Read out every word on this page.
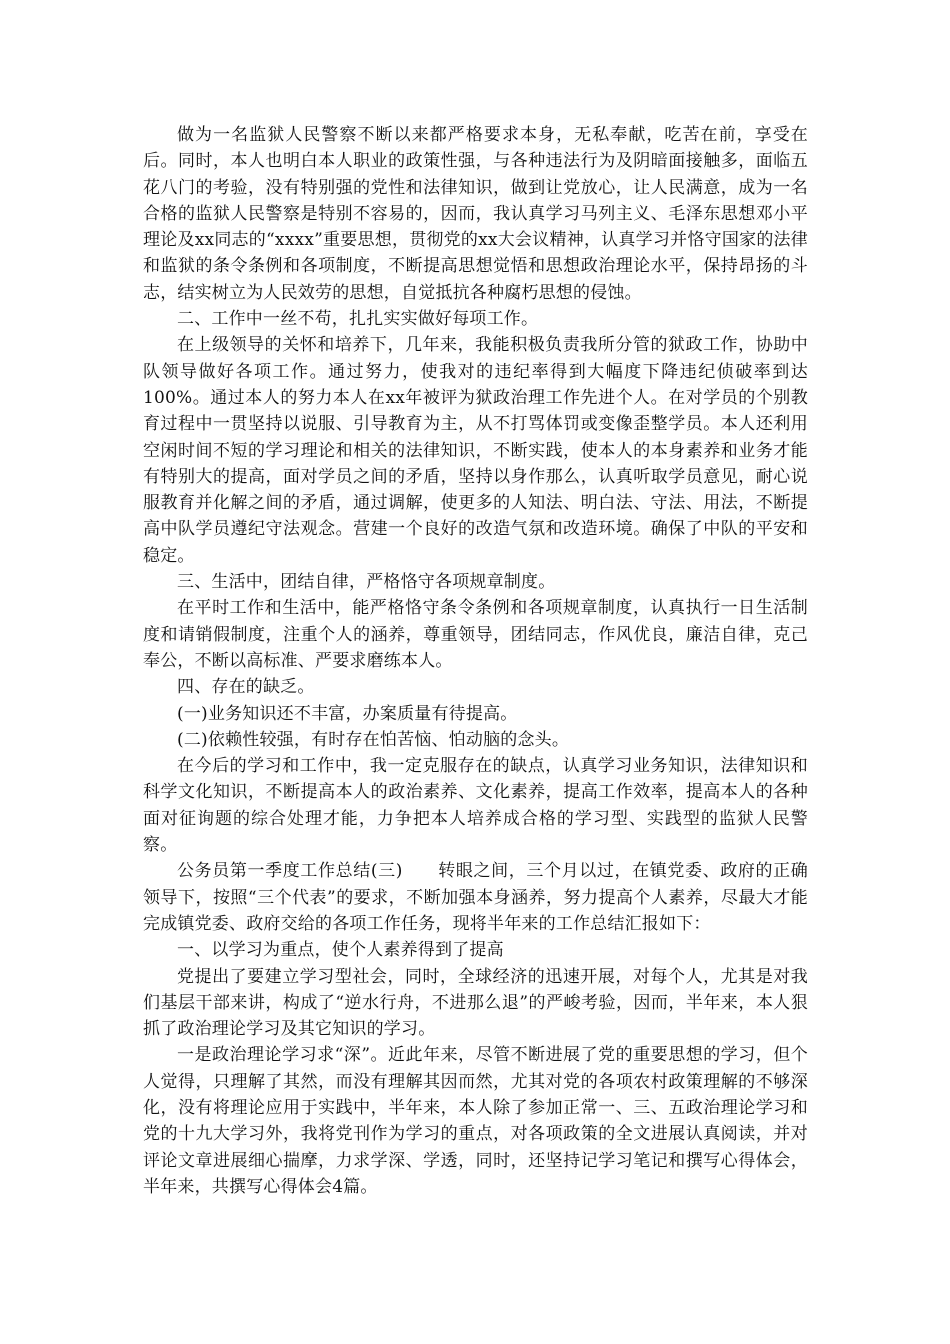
做为一名监狱人民警察不断以来都严格要求本身，无私奉献，吃苦在前，享受在后。同时，本人也明白本人职业的政策性强，与各种违法行为及阴暗面接触多，面临五花八门的考验，没有特别强的党性和法律知识，做到让党放心，让人民满意，成为一名合格的监狱人民警察是特别不容易的，因而，我认真学习马列主义、毛泽东思想邓小平理论及xx同志的“xxxx”重要思想，贯彻党的xx大会议精神，认真学习并恪守国家的法律和监狱的条令条例和各项制度，不断提高思想觉悟和思想政治理论水平，保持昂扬的斗志，结实树立为人民效劳的思想，自觉抵抗各种腐朽思想的侵蚀。

二、工作中一丝不苟，扎扎实实做好每项工作。

在上级领导的关怀和培养下，几年来，我能积极负责我所分管的狱政工作，协助中队领导做好各项工作。通过努力，使我对的违纪率得到大幅度下降违纪侦破率到达100%。通过本人的努力本人在xx年被评为狱政治理工作先进个人。在对学员的个别教育过程中一贯坚持以说服、引导教育为主，从不打骂体罚或变像歪整学员。本人还利用空闲时间不短的学习理论和相关的法律知识，不断实践，使本人的本身素养和业务才能有特别大的提高，面对学员之间的矛盾，坚持以身作那么，认真听取学员意见，耐心说服教育并化解之间的矛盾，通过调解，使更多的人知法、明白法、守法、用法，不断提高中队学员遵纪守法观念。营建一个良好的改造气氛和改造环境。确保了中队的平安和稳定。

三、生活中，团结自律，严格恪守各项规章制度。

在平时工作和生活中，能严格恪守条令条例和各项规章制度，认真执行一日生活制度和请销假制度，注重个人的涵养，尊重领导，团结同志，作风优良，廉洁自律，克己奉公，不断以高标准、严要求磨练本人。

四、存在的缺乏。

(一)业务知识还不丰富，办案质量有待提高。

(二)依赖性较强，有时存在怕苦恼、怕动脑的念头。

在今后的学习和工作中，我一定克服存在的缺点，认真学习业务知识，法律知识和科学文化知识，不断提高本人的政治素养、文化素养，提高工作效率，提高本人的各种面对征询题的综合处理才能，力争把本人培养成合格的学习型、实践型的监狱人民警察。

公务员第一季度工作总结(三)　　转眼之间，三个月以过，在镇党委、政府的正确领导下，按照“三个代表”的要求，不断加强本身涵养，努力提高个人素养，尽最大才能完成镇党委、政府交给的各项工作任务，现将半年来的工作总结汇报如下：

一、以学习为重点，使个人素养得到了提高

党提出了要建立学习型社会，同时，全球经济的迅速开展，对每个人，尤其是对我们基层干部来讲，构成了“逆水行舟，不进那么退”的严峻考验，因而，半年来，本人狠抓了政治理论学习及其它知识的学习。

一是政治理论学习求“深”。近此年来，尽管不断进展了党的重要思想的学习，但个人觉得，只理解了其然，而没有理解其因而然，尤其对党的各项农村政策理解的不够深化，没有将理论应用于实践中，半年来，本人除了参加正常一、三、五政治理论学习和党的十九大学习外，我将党刊作为学习的重点，对各项政策的全文进展认真阅读，并对评论文章进展细心揣摩，力求学深、学透，同时，还坚持记学习笔记和撰写心得体会，半年来，共撰写心得体会4篇。
